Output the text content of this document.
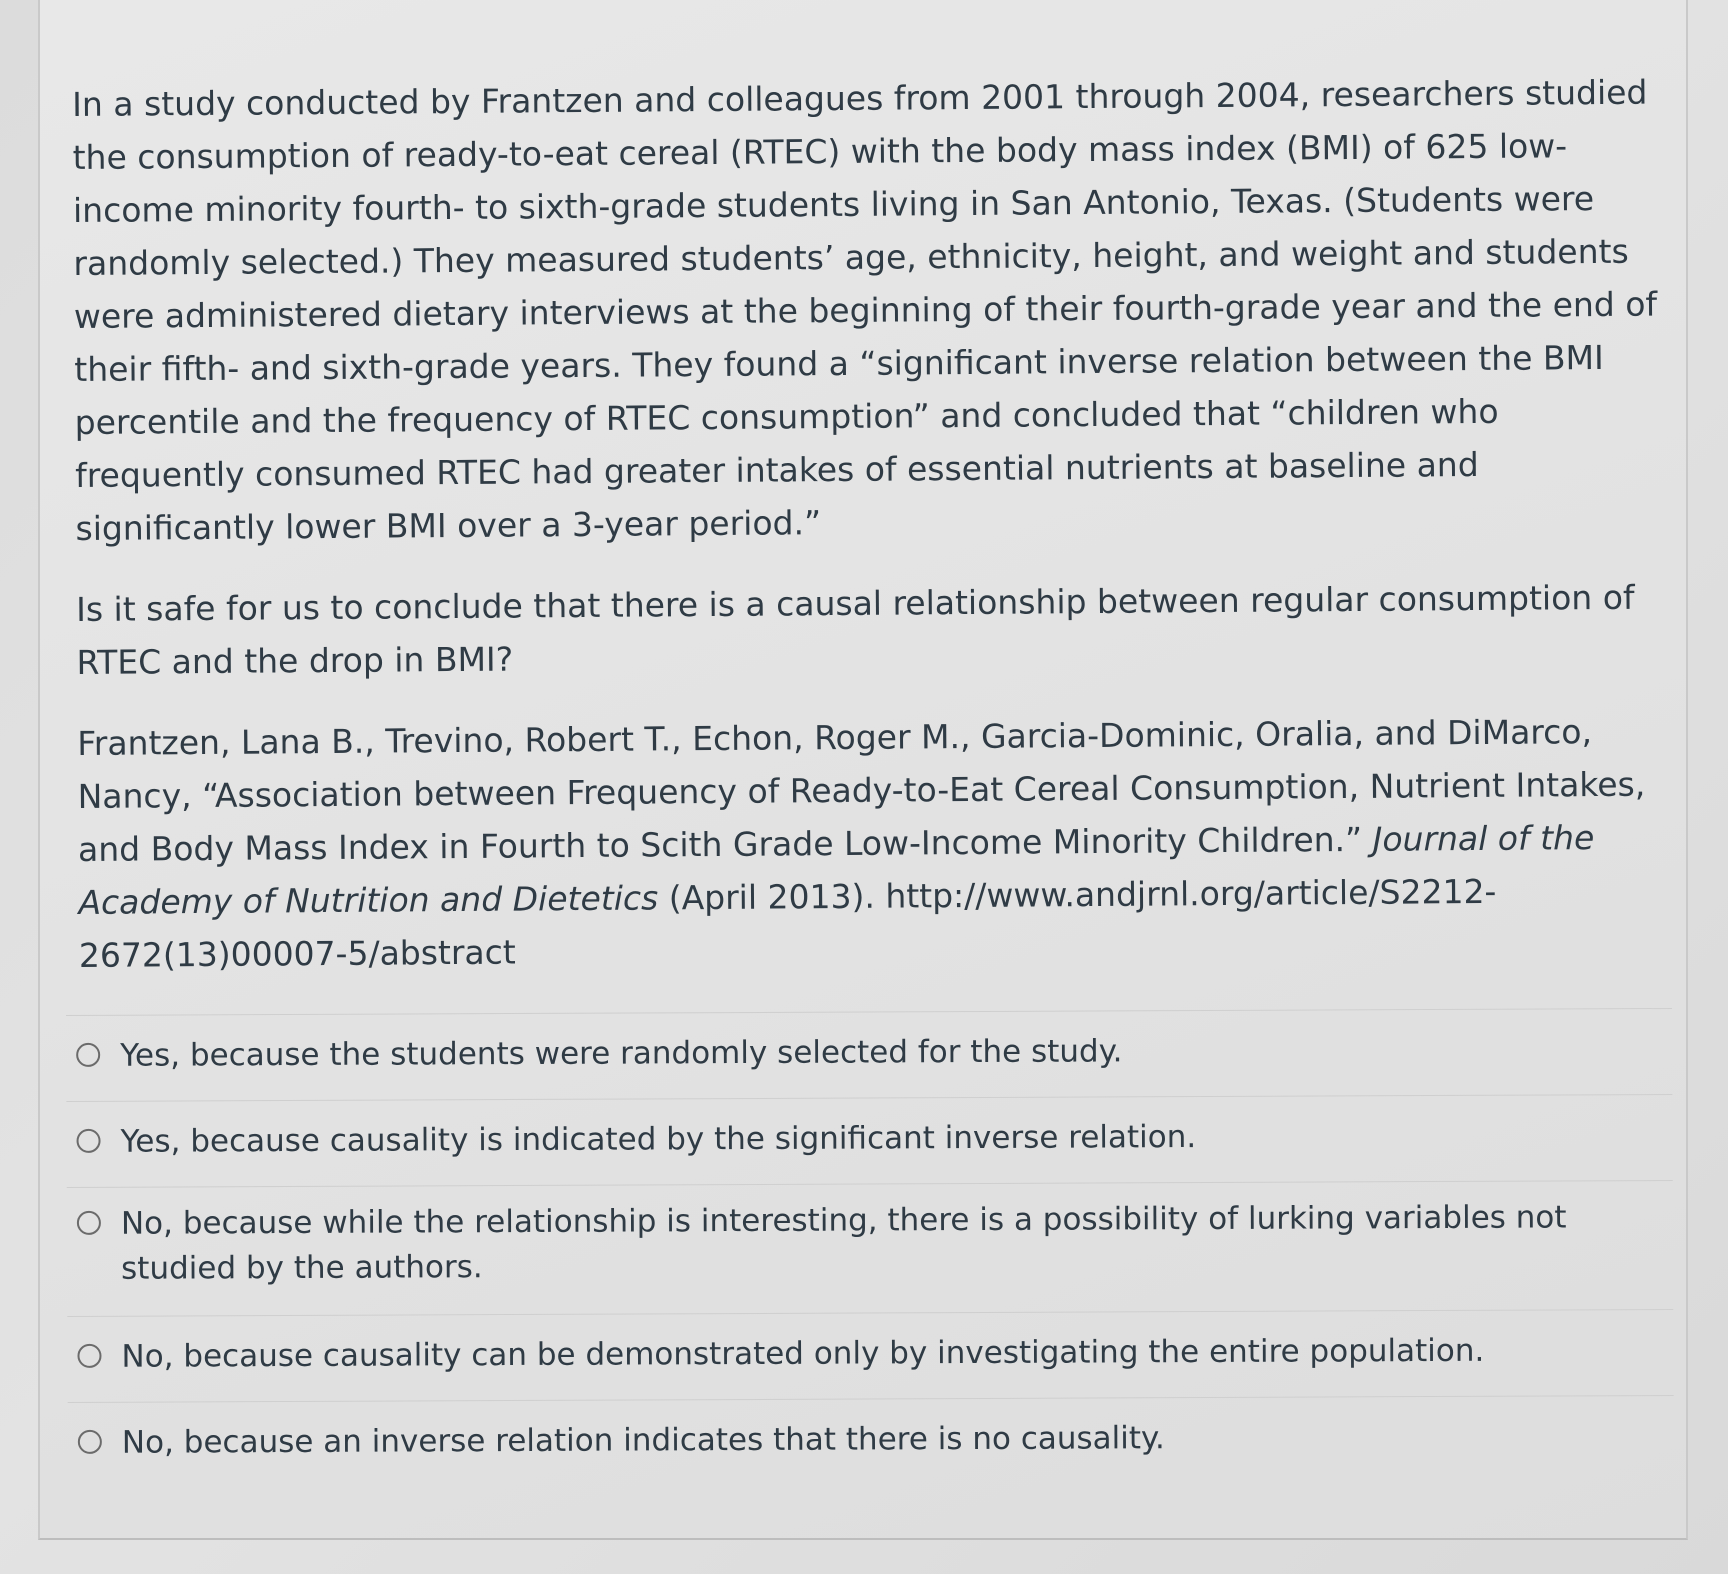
In a study conducted by Frantzen and colleagues from 2001 through 2004, researchers studied the consumption of ready-to-eat cereal (RTEC) with the body mass index (BMI) of 625 low-income minority fourth- to sixth-grade students living in San Antonio, Texas. (Students were randomly selected.) They measured students’ age, ethnicity, height, and weight and students were administered dietary interviews at the beginning of their fourth-grade year and the end of their fifth- and sixth-grade years. They found a “significant inverse relation between the BMI percentile and the frequency of RTEC consumption” and concluded that “children who frequently consumed RTEC had greater intakes of essential nutrients at baseline and significantly lower BMI over a 3-year period.”

Is it safe for us to conclude that there is a causal relationship between regular consumption of RTEC and the drop in BMI?

Frantzen, Lana B., Trevino, Robert T., Echon, Roger M., Garcia-Dominic, Oralia, and DiMarco, Nancy, “Association between Frequency of Ready-to-Eat Cereal Consumption, Nutrient Intakes, and Body Mass Index in Fourth to Scith Grade Low-Income Minority Children.” Journal of the Academy of Nutrition and Dietetics (April 2013). http://www.andjrnl.org/article/S2212-2672(13)00007-5/abstract

Yes, because the students were randomly selected for the study.
Yes, because causality is indicated by the significant inverse relation.
No, because while the relationship is interesting, there is a possibility of lurking variables not studied by the authors.
No, because causality can be demonstrated only by investigating the entire population.
No, because an inverse relation indicates that there is no causality.
